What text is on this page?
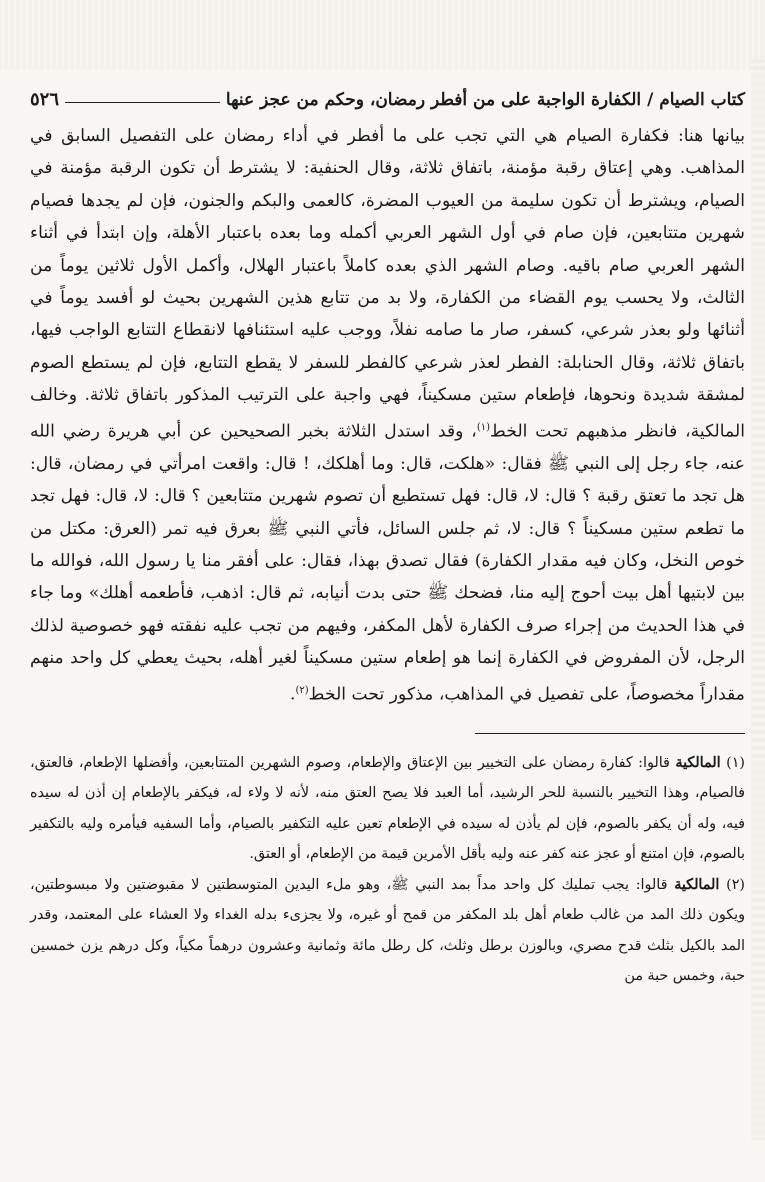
كتاب الصيام / الكفارة الواجبة على من أفطر رمضان، وحكم من عجز عنها
٥٢٦

بيانها هنا: فكفارة الصيام هي التي تجب على ما أفطر في أداء رمضان على التفصيل السابق في المذاهب. وهي إعتاق رقبة مؤمنة، باتفاق ثلاثة، وقال الحنفية: لا يشترط أن تكون الرقبة مؤمنة في الصيام، ويشترط أن تكون سليمة من العيوب المضرة، كالعمى والبكم والجنون، فإن لم يجدها فصيام شهرين متتابعين، فإن صام في أول الشهر العربي أكمله وما بعده باعتبار الأهلة، وإن ابتدأ في أثناء الشهر العربي صام باقيه. وصام الشهر الذي بعده كاملاً باعتبار الهلال، وأكمل الأول ثلاثين يوماً من الثالث، ولا يحسب يوم القضاء من الكفارة، ولا بد من تتابع هذين الشهرين بحيث لو أفسد يوماً في أثنائها ولو بعذر شرعي، كسفر، صار ما صامه نفلاً، ووجب عليه استئنافها لانقطاع التتابع الواجب فيها، باتفاق ثلاثة، وقال الحنابلة: الفطر لعذر شرعي كالفطر للسفر لا يقطع التتابع، فإن لم يستطع الصوم لمشقة شديدة ونحوها، فإطعام ستين مسكيناً، فهي واجبة على الترتيب المذكور باتفاق ثلاثة. وخالف المالكية، فانظر مذهبهم تحت الخط$^{(١)}$، وقد استدل الثلاثة بخبر الصحيحين عن أبي هريرة رضي الله عنه، جاء رجل إلى النبي ﷺ فقال: «هلكت، قال: وما أهلكك، ! قال: واقعت امرأتي في رمضان، قال: هل تجد ما تعتق رقبة ؟ قال: لا، قال: فهل تستطيع أن تصوم شهرين متتابعين ؟ قال: لا، قال: فهل تجد ما تطعم ستين مسكيناً ؟ قال: لا، ثم جلس السائل، فأتي النبي ﷺ بعرق فيه تمر (العرق: مكتل من خوص النخل، وكان فيه مقدار الكفارة) فقال تصدق بهذا، فقال: على أفقر منا يا رسول الله، فوالله ما بين لابتيها أهل بيت أحوج إليه منا، فضحك ﷺ حتى بدت أنيابه، ثم قال: اذهب، فأطعمه أهلك» وما جاء في هذا الحديث من إجراء صرف الكفارة لأهل المكفر، وفيهم من تجب عليه نفقته فهو خصوصية لذلك الرجل، لأن المفروض في الكفارة إنما هو إطعام ستين مسكيناً لغير أهله، بحيث يعطي كل واحد منهم مقداراً مخصوصاً، على تفصيل في المذاهب، مذكور تحت الخط$^{(٢)}$.

(١) المالكية قالوا: كفارة رمضان على التخيير بين الإعتاق والإطعام، وصوم الشهرين المتتابعين، وأفضلها الإطعام، فالعتق، فالصيام، وهذا التخيير بالنسبة للحر الرشيد، أما العبد فلا يصح العتق منه، لأنه لا ولاء له، فيكفر بالإطعام إن أذن له سيده فيه، وله أن يكفر بالصوم، فإن لم يأذن له سيده في الإطعام تعين عليه التكفير بالصيام، وأما السفيه فيأمره وليه بالتكفير بالصوم، فإن امتنع أو عجز عنه كفر عنه وليه بأقل الأمرين قيمة من الإطعام، أو العتق.

(٢) المالكية قالوا: يجب تمليك كل واحد مداً بمد النبي ﷺ، وهو ملء اليدين المتوسطتين لا مقبوضتين ولا مبسوطتين، ويكون ذلك المد من غالب طعام أهل بلد المكفر من قمح أو غيره، ولا يجزىء بدله الغداء ولا العشاء على المعتمد، وقدر المد بالكيل بثلث قدح مصري، وبالوزن برطل وثلث، كل رطل مائة وثمانية وعشرون درهماً مكياً، وكل درهم يزن خمسين حبة، وخمس حبة من
